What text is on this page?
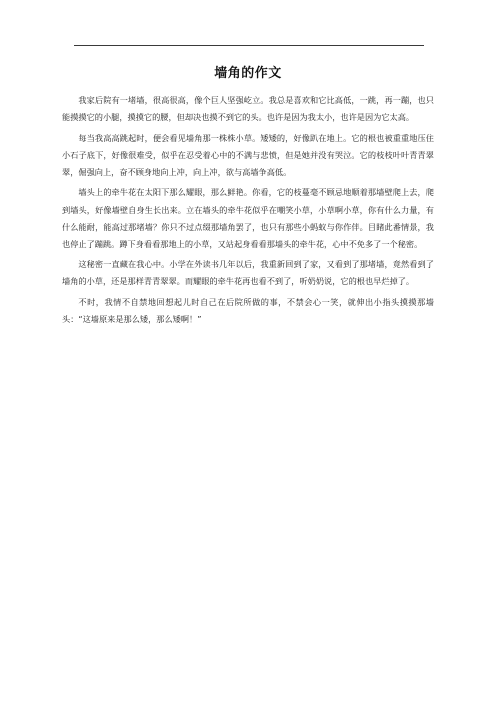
墙角的作文

我家后院有一堵墙，很高很高，像个巨人坚强屹立。我总是喜欢和它比高低，一跳，再一蹦，也只能摸摸它的小腿，摸摸它的腰，但却决也摸不到它的头。也许是因为我太小，也许是因为它太高。

每当我高高跳起时，便会看见墙角那一株株小草。矮矮的，好像趴在地上。它的根也被重重地压住小石子底下，好像很难受，似乎在忍受着心中的不满与悲愤，但是她并没有哭泣。它的枝枝叶叶青青翠翠，倔强向上，奋不顾身地向上冲，向上冲，欲与高墙争高低。

墙头上的牵牛花在太阳下那么耀眼，那么鲜艳。你看，它的枝蔓毫不顾忌地顺着那墙壁爬上去，爬到墙头，好像墙壁自身生长出来。立在墙头的牵牛花似乎在嘲笑小草，小草啊小草，你有什么力量，有什么能耐，能高过那堵墙？你只不过点缀那墙角罢了，也只有那些小蚂蚁与你作伴。目睹此番情景，我也停止了蹦跳。蹲下身看看那地上的小草，又站起身看看那墙头的牵牛花，心中不免多了一个秘密。

这秘密一直藏在我心中。小学在外读书几年以后，我重新回到了家，又看到了那堵墙，竟然看到了墙角的小草，还是那样青青翠翠。而耀眼的牵牛花再也看不到了，听奶奶说，它的根也早烂掉了。

不时，我情不自禁地回想起儿时自己在后院所做的事，不禁会心一笑，就伸出小指头摸摸那墙头：“这墙原来是那么矮，那么矮啊！”
